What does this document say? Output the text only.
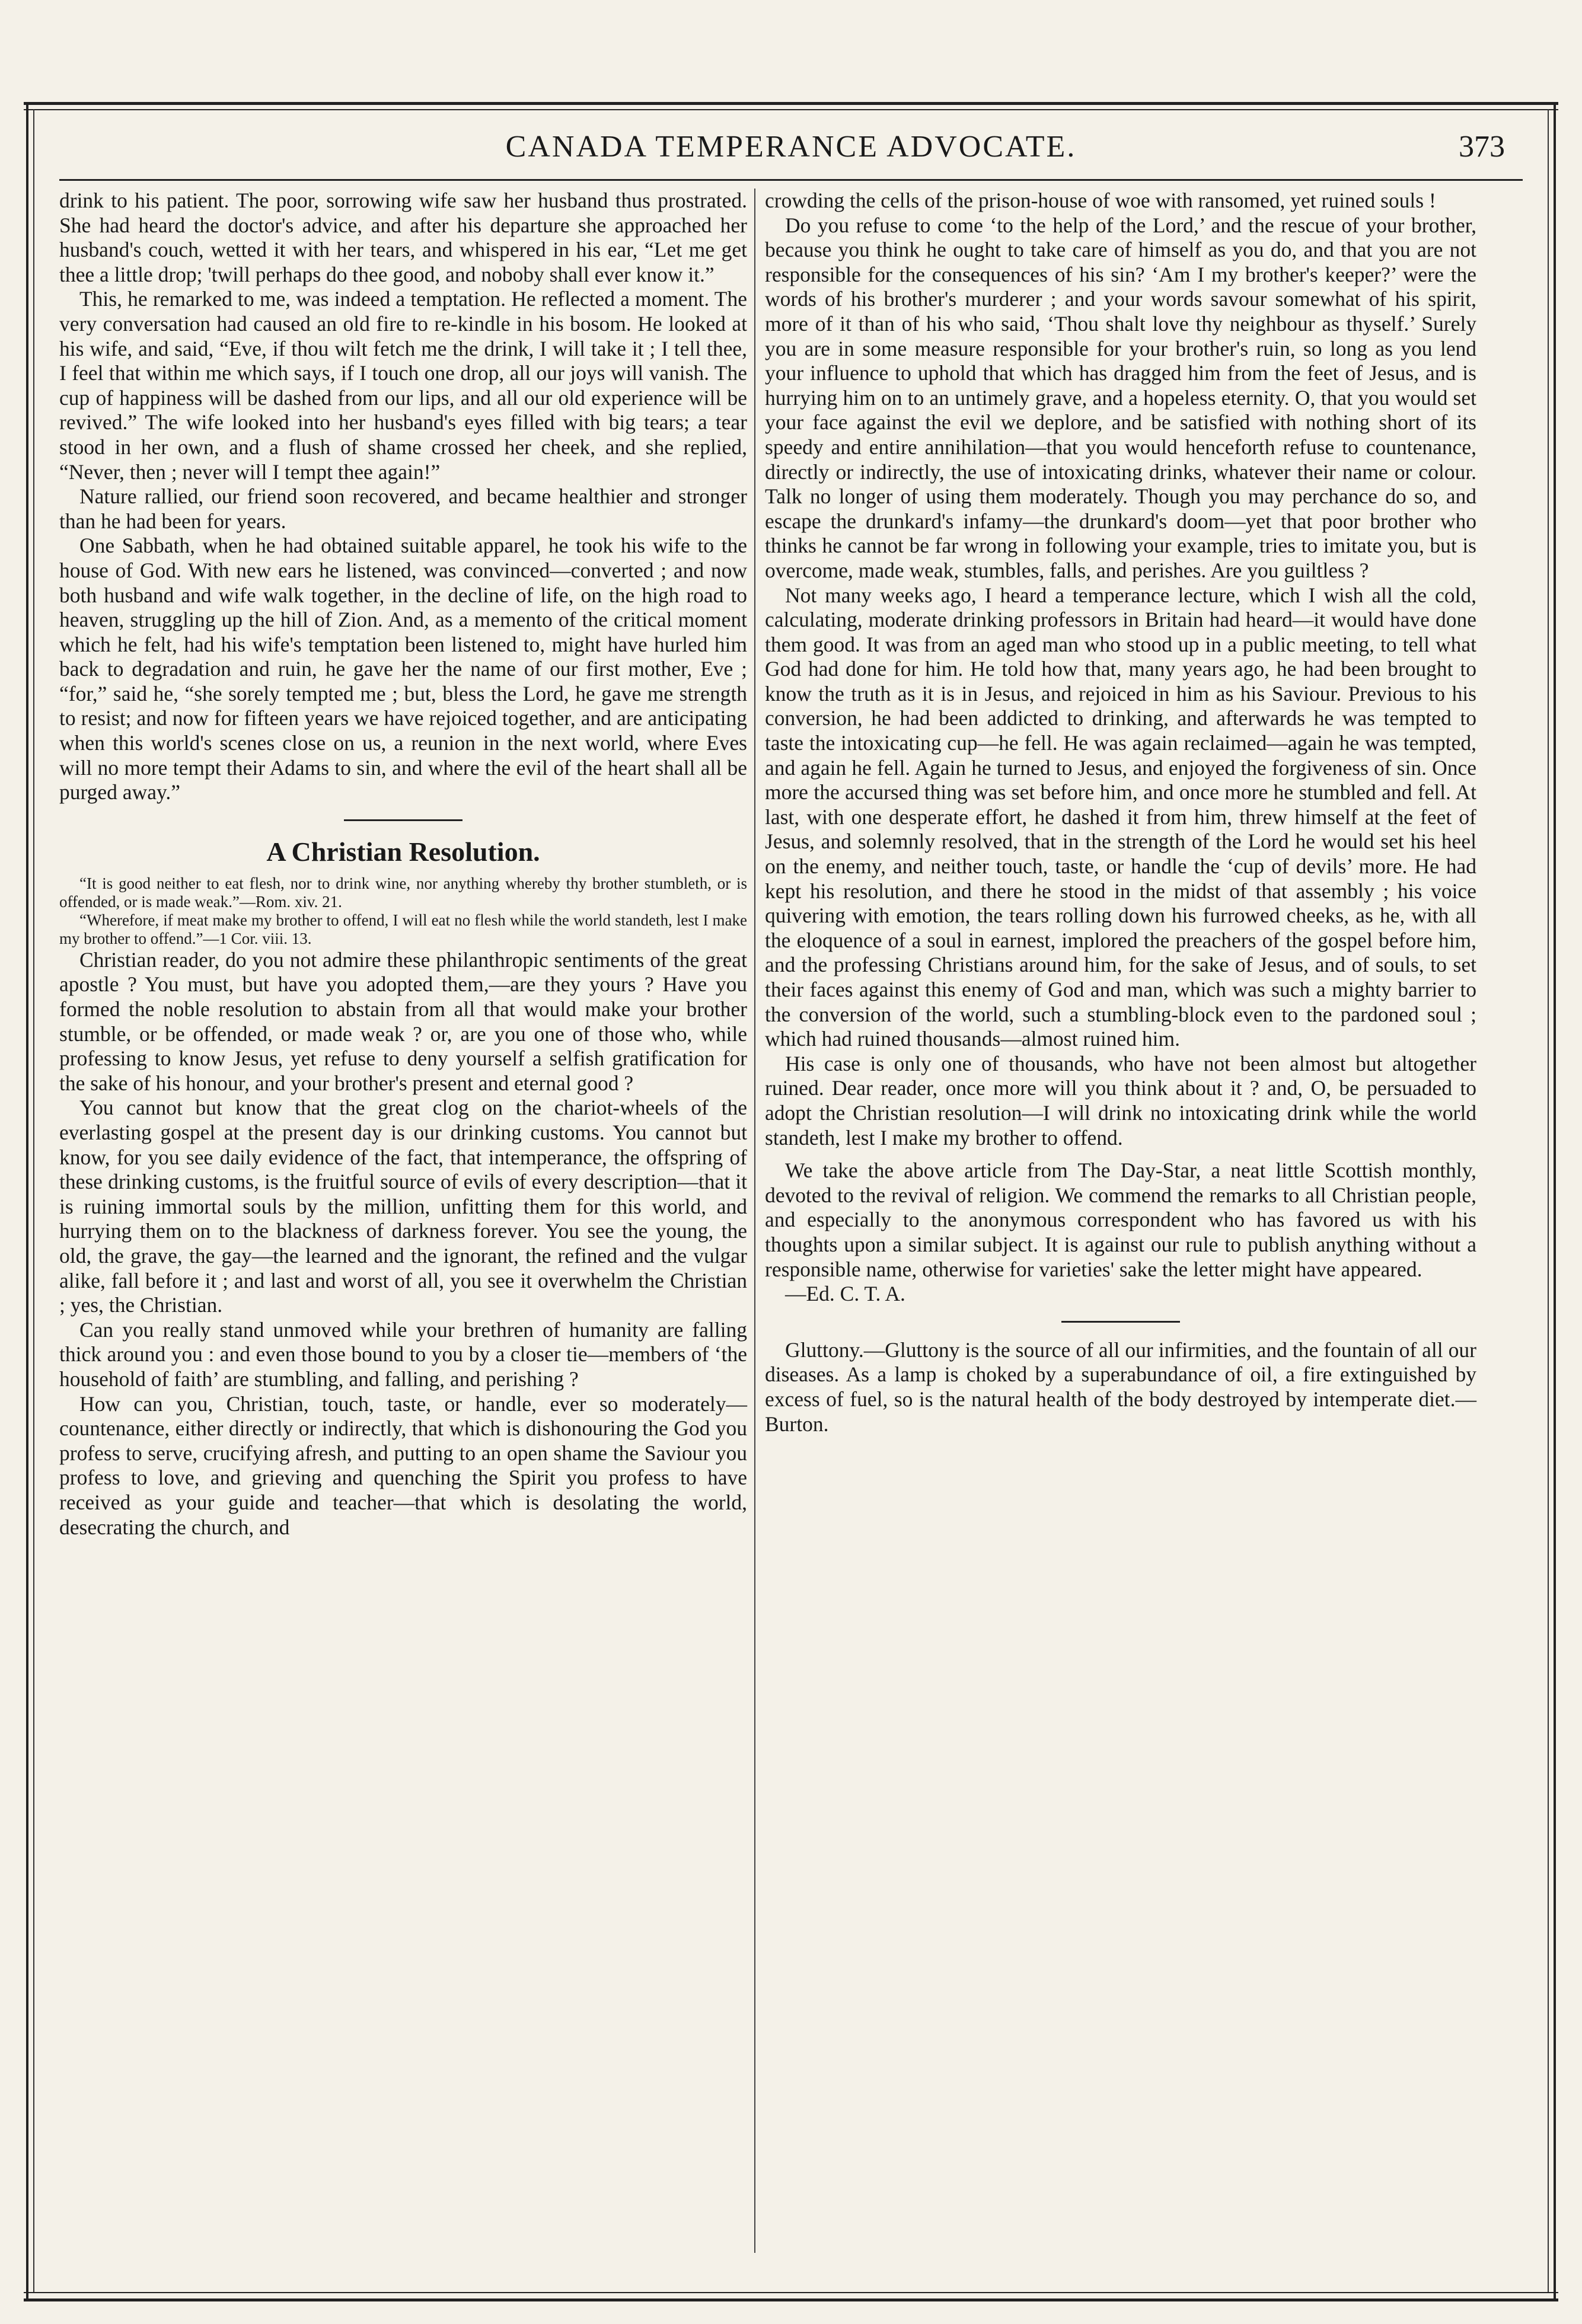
CANADA TEMPERANCE ADVOCATE.	373

drink to his patient. The poor, sorrowing wife saw her husband thus prostrated. She had heard the doctor's advice, and after his departure she approached her husband's couch, wetted it with her tears, and whispered in his ear, “Let me get thee a little drop; 'twill perhaps do thee good, and noboby shall ever know it.”

This, he remarked to me, was indeed a temptation. He reflected a moment. The very conversation had caused an old fire to re-kindle in his bosom. He looked at his wife, and said, “Eve, if thou wilt fetch me the drink, I will take it ; I tell thee, I feel that within me which says, if I touch one drop, all our joys will vanish. The cup of happiness will be dashed from our lips, and all our old experience will be revived.” The wife looked into her husband's eyes filled with big tears; a tear stood in her own, and a flush of shame crossed her cheek, and she replied, “Never, then ; never will I tempt thee again!”

Nature rallied, our friend soon recovered, and became healthier and stronger than he had been for years.

One Sabbath, when he had obtained suitable apparel, he took his wife to the house of God. With new ears he listened, was convinced—converted ; and now both husband and wife walk together, in the decline of life, on the high road to heaven, struggling up the hill of Zion. And, as a memento of the critical moment which he felt, had his wife's temptation been listened to, might have hurled him back to degradation and ruin, he gave her the name of our first mother, Eve ; “for,” said he, “she sorely tempted me ; but, bless the Lord, he gave me strength to resist; and now for fifteen years we have rejoiced together, and are anticipating when this world's scenes close on us, a reunion in the next world, where Eves will no more tempt their Adams to sin, and where the evil of the heart shall all be purged away.”

A Christian Resolution.

“It is good neither to eat flesh, nor to drink wine, nor anything whereby thy brother stumbleth, or is offended, or is made weak.”—Rom. xiv. 21.

“Wherefore, if meat make my brother to offend, I will eat no flesh while the world standeth, lest I make my brother to offend.”—1 Cor. viii. 13.

Christian reader, do you not admire these philanthropic sentiments of the great apostle ? You must, but have you adopted them,—are they yours ? Have you formed the noble resolution to abstain from all that would make your brother stumble, or be offended, or made weak ? or, are you one of those who, while professing to know Jesus, yet refuse to deny yourself a selfish gratification for the sake of his honour, and your brother's present and eternal good ?

You cannot but know that the great clog on the chariot-wheels of the everlasting gospel at the present day is our drinking customs. You cannot but know, for you see daily evidence of the fact, that intemperance, the offspring of these drinking customs, is the fruitful source of evils of every description—that it is ruining immortal souls by the million, unfitting them for this world, and hurrying them on to the blackness of darkness forever. You see the young, the old, the grave, the gay—the learned and the ignorant, the refined and the vulgar alike, fall before it ; and last and worst of all, you see it overwhelm the Christian ; yes, the Christian.

Can you really stand unmoved while your brethren of humanity are falling thick around you : and even those bound to you by a closer tie—members of ‘the household of faith’ are stumbling, and falling, and perishing ?

How can you, Christian, touch, taste, or handle, ever so moderately—countenance, either directly or indirectly, that which is dishonouring the God you profess to serve, crucifying afresh, and putting to an open shame the Saviour you profess to love, and grieving and quenching the Spirit you profess to have received as your guide and teacher—that which is desolating the world, desecrating the church, and

crowding the cells of the prison-house of woe with ransomed, yet ruined souls !

Do you refuse to come ‘to the help of the Lord,’ and the rescue of your brother, because you think he ought to take care of himself as you do, and that you are not responsible for the consequences of his sin? ‘Am I my brother's keeper?’ were the words of his brother's murderer ; and your words savour somewhat of his spirit, more of it than of his who said, ‘Thou shalt love thy neighbour as thyself.’ Surely you are in some measure responsible for your brother's ruin, so long as you lend your influence to uphold that which has dragged him from the feet of Jesus, and is hurrying him on to an untimely grave, and a hopeless eternity. O, that you would set your face against the evil we deplore, and be satisfied with nothing short of its speedy and entire annihilation—that you would henceforth refuse to countenance, directly or indirectly, the use of intoxicating drinks, whatever their name or colour. Talk no longer of using them moderately. Though you may perchance do so, and escape the drunkard's infamy—the drunkard's doom—yet that poor brother who thinks he cannot be far wrong in following your example, tries to imitate you, but is overcome, made weak, stumbles, falls, and perishes. Are you guiltless ?

Not many weeks ago, I heard a temperance lecture, which I wish all the cold, calculating, moderate drinking professors in Britain had heard—it would have done them good. It was from an aged man who stood up in a public meeting, to tell what God had done for him. He told how that, many years ago, he had been brought to know the truth as it is in Jesus, and rejoiced in him as his Saviour. Previous to his conversion, he had been addicted to drinking, and afterwards he was tempted to taste the intoxicating cup—he fell. He was again reclaimed—again he was tempted, and again he fell. Again he turned to Jesus, and enjoyed the forgiveness of sin. Once more the accursed thing was set before him, and once more he stumbled and fell. At last, with one desperate effort, he dashed it from him, threw himself at the feet of Jesus, and solemnly resolved, that in the strength of the Lord he would set his heel on the enemy, and neither touch, taste, or handle the ‘cup of devils’ more. He had kept his resolution, and there he stood in the midst of that assembly ; his voice quivering with emotion, the tears rolling down his furrowed cheeks, as he, with all the eloquence of a soul in earnest, implored the preachers of the gospel before him, and the professing Christians around him, for the sake of Jesus, and of souls, to set their faces against this enemy of God and man, which was such a mighty barrier to the conversion of the world, such a stumbling-block even to the pardoned soul ; which had ruined thousands—almost ruined him.

His case is only one of thousands, who have not been almost but altogether ruined. Dear reader, once more will you think about it ? and, O, be persuaded to adopt the Christian resolution—I will drink no intoxicating drink while the world standeth, lest I make my brother to offend.

We take the above article from The Day-Star, a neat little Scottish monthly, devoted to the revival of religion. We commend the remarks to all Christian people, and especially to the anonymous correspondent who has favored us with his thoughts upon a similar subject. It is against our rule to publish anything without a responsible name, otherwise for varieties' sake the letter might have appeared.

—Ed. C. T. A.

Gluttony.—Gluttony is the source of all our infirmities, and the fountain of all our diseases. As a lamp is choked by a superabundance of oil, a fire extinguished by excess of fuel, so is the natural health of the body destroyed by intemperate diet.—Burton.
